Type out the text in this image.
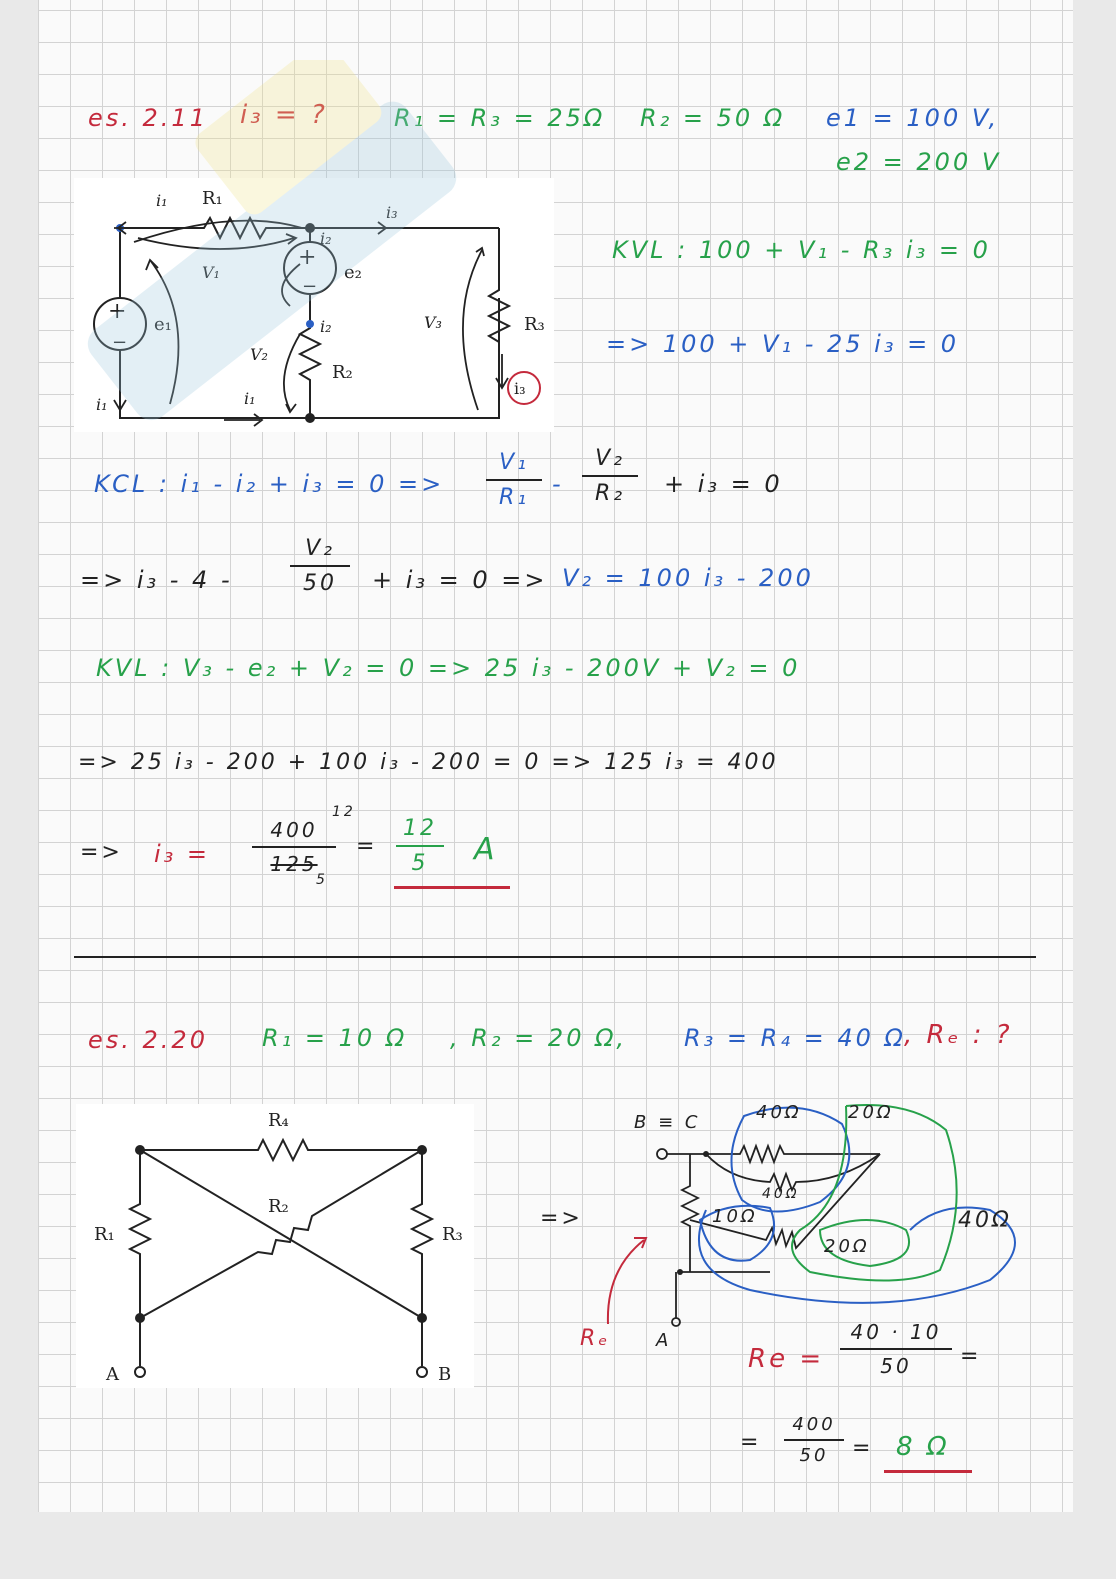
es. 2.11 i₃ = ?	R₁ = R₃ = 25Ω R₂ = 50 Ω e1 = 100 V,
e2 = 200 V
+
−
+
−
R₁
R₃
R₂
e₁
e₂
i₃
i₁
V₁
i₂
i₂
V₂
i₁
i₁
i₃
V₃
KVL : 100 + V₁ - R₃ i₃ = 0
=> 100 + V₁ - 25 i₃ = 0
KCL : i₁ - i₂ + i₃ = 0 =>
V₁
R₁ -
V₂
R₂	+ i₃ = 0
=> i₃ - 4 -
V₂
50	+ i₃ = 0 => V₂ = 100 i₃ - 200
KVL : V₃ - e₂ + V₂ = 0 => 25 i₃ - 200V + V₂ = 0
=> 25 i₃ - 200 + 100 i₃ - 200 = 0 => 125 i₃ = 400
=> i₃ =
400
125
12
5
=
12
5	A
es. 2.20 R₁ = 10 Ω , R₂ = 20 Ω, R₃ = R₄ = 40 Ω
, Rₑ : ?
R₄
R₂
R₁	R₃
A	B
=>
B ≡ C
A
Rₑ
40Ω
40Ω
20Ω
10Ω
20Ω
40Ω
Re =
40 · 10
50	=
=
400
50	= 8 Ω
